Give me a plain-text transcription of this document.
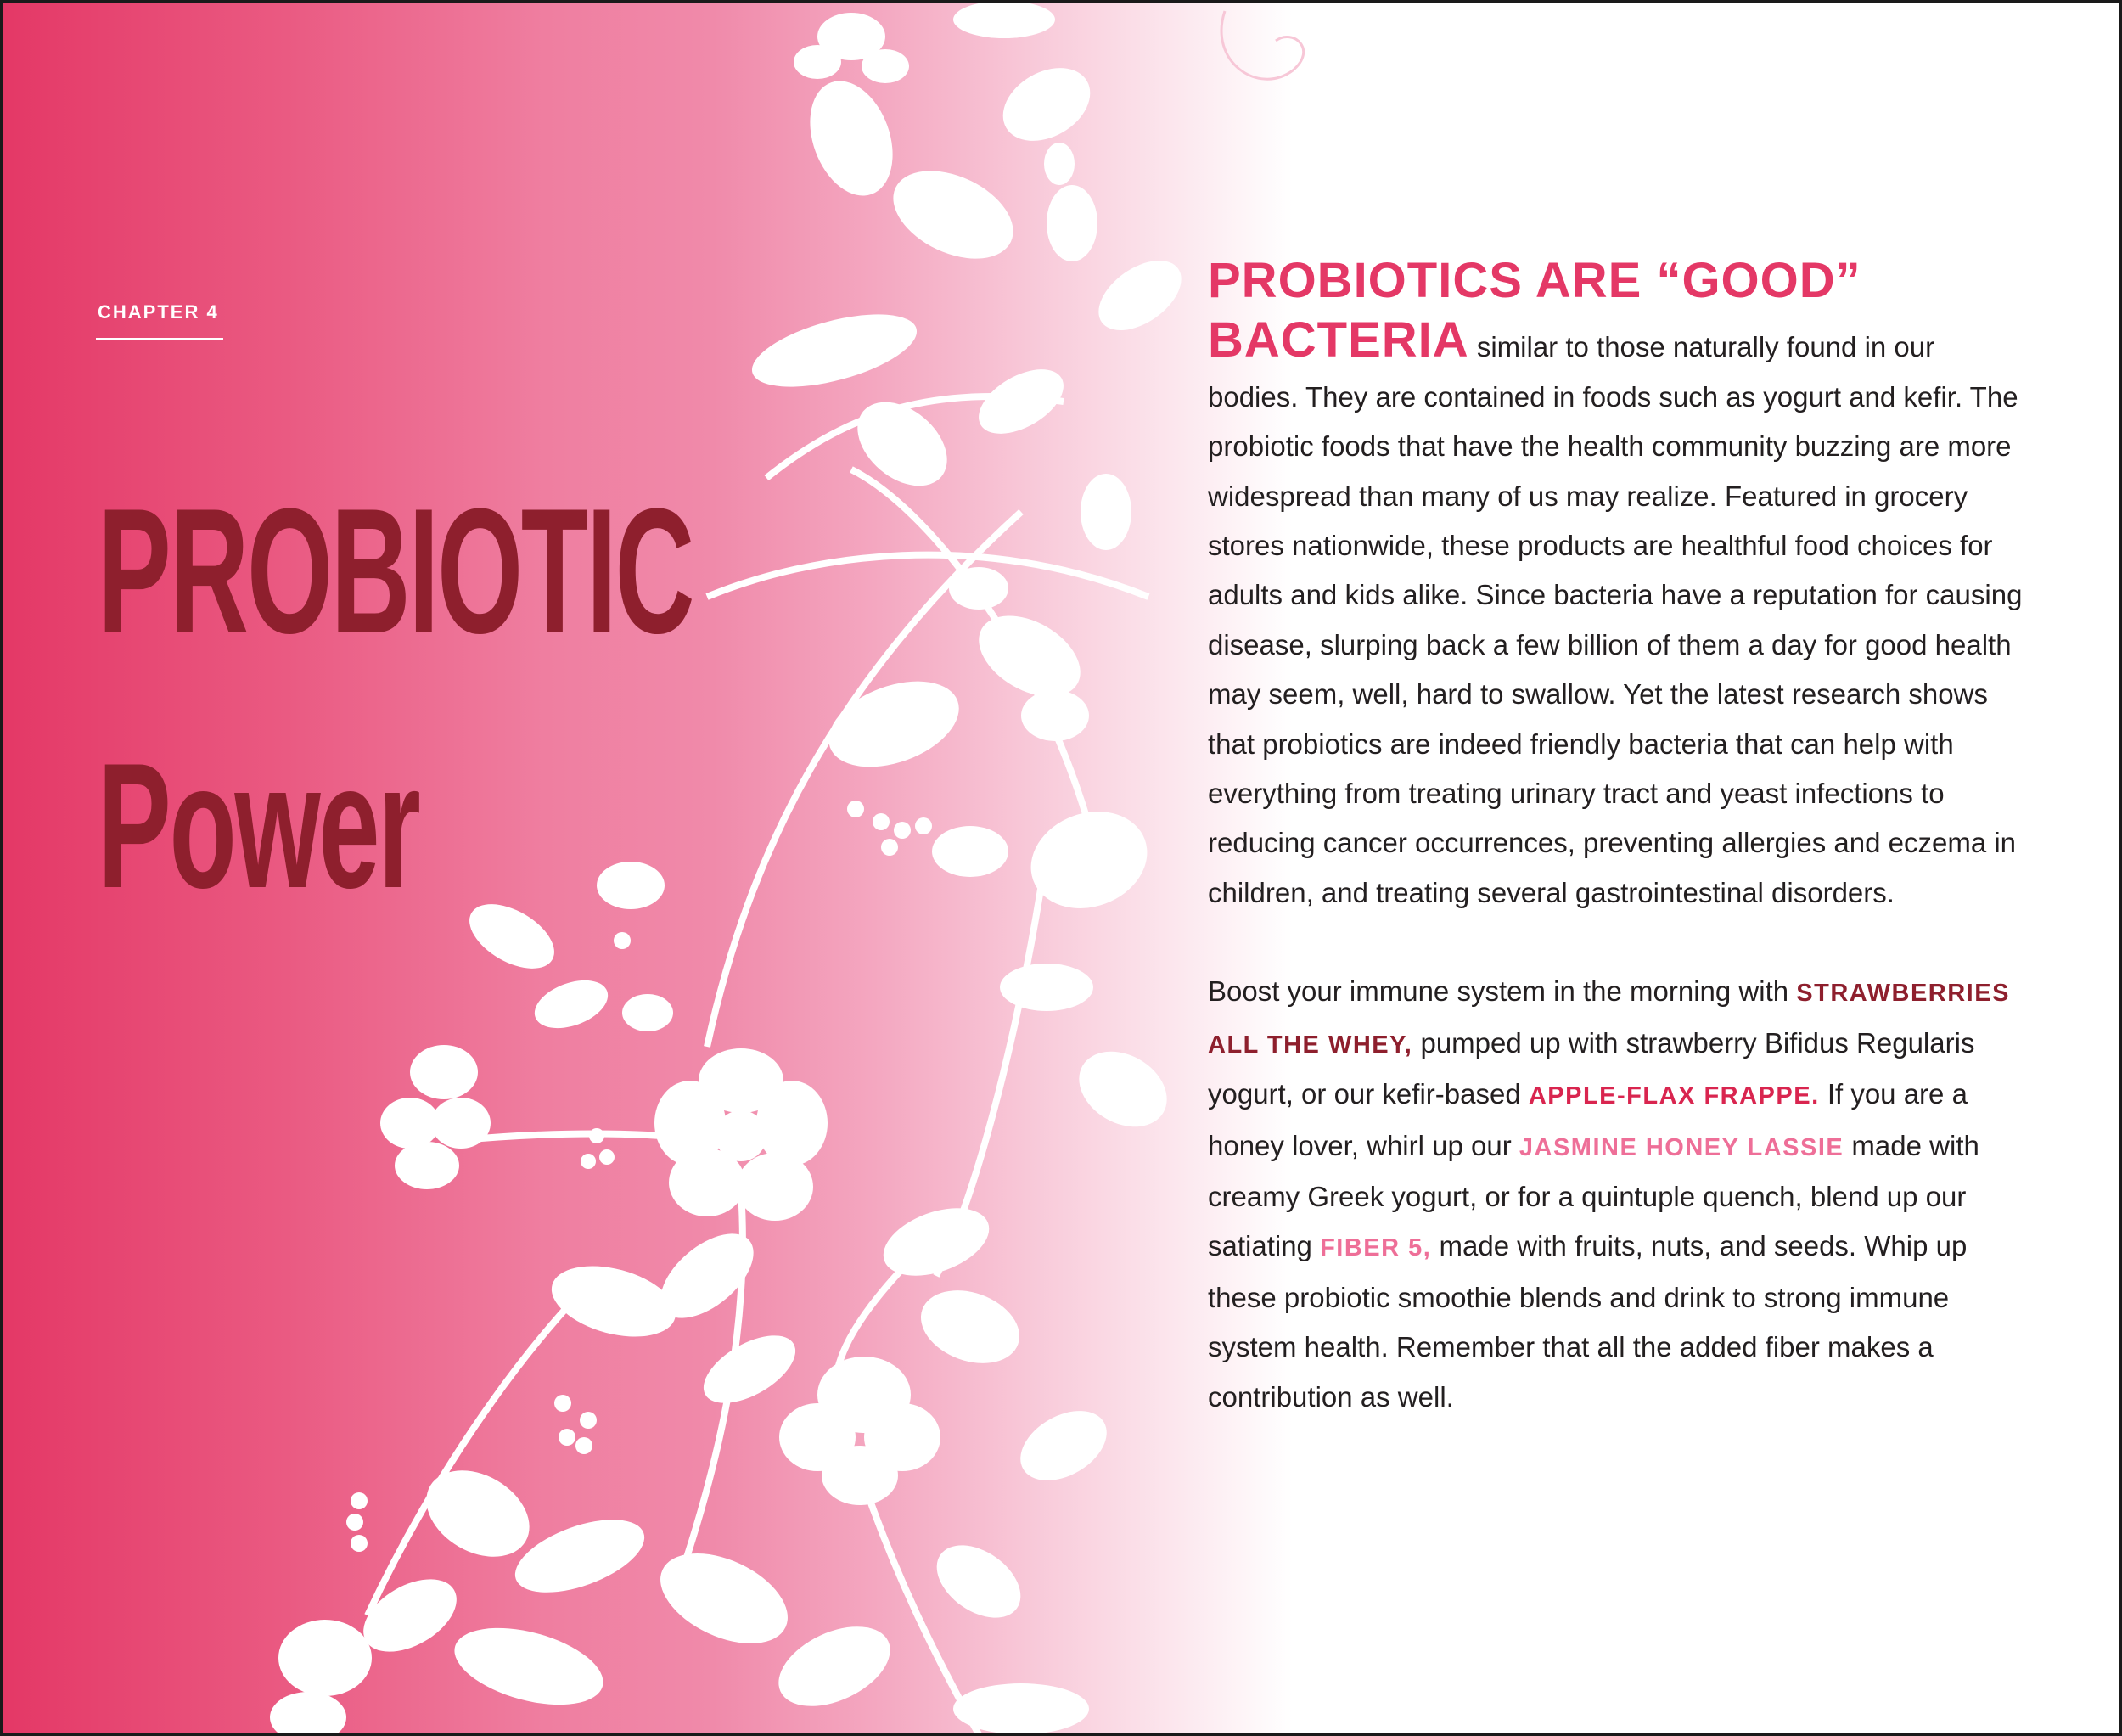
CHAPTER 4
PROBIOTIC
Power

PROBIOTICS ARE “GOOD”
BACTERIA similar to those naturally found in our bodies. They are contained in foods such as yogurt and kefir. The probiotic foods that have the health community buzzing are more widespread than many of us may realize. Featured in grocery stores nationwide, these products are healthful food choices for adults and kids alike. Since bacteria have a reputation for causing disease, slurping back a few billion of them a day for good health may seem, well, hard to swallow. Yet the latest research shows that probiotics are indeed friendly bacteria that can help with everything from treating urinary tract and yeast infections to reducing cancer occurrences, preventing allergies and eczema in children, and treating several gastrointestinal disorders.

Boost your immune system in the morning with STRAWBERRIES ALL THE WHEY, pumped up with strawberry Bifidus Regularis yogurt, or our kefir-based APPLE-FLAX FRAPPE. If you are a honey lover, whirl up our JASMINE HONEY LASSIE made with creamy Greek yogurt, or for a quintuple quench, blend up our satiating FIBER 5, made with fruits, nuts, and seeds. Whip up these probiotic smoothie blends and drink to strong immune system health. Remember that all the added fiber makes a contribution as well.
